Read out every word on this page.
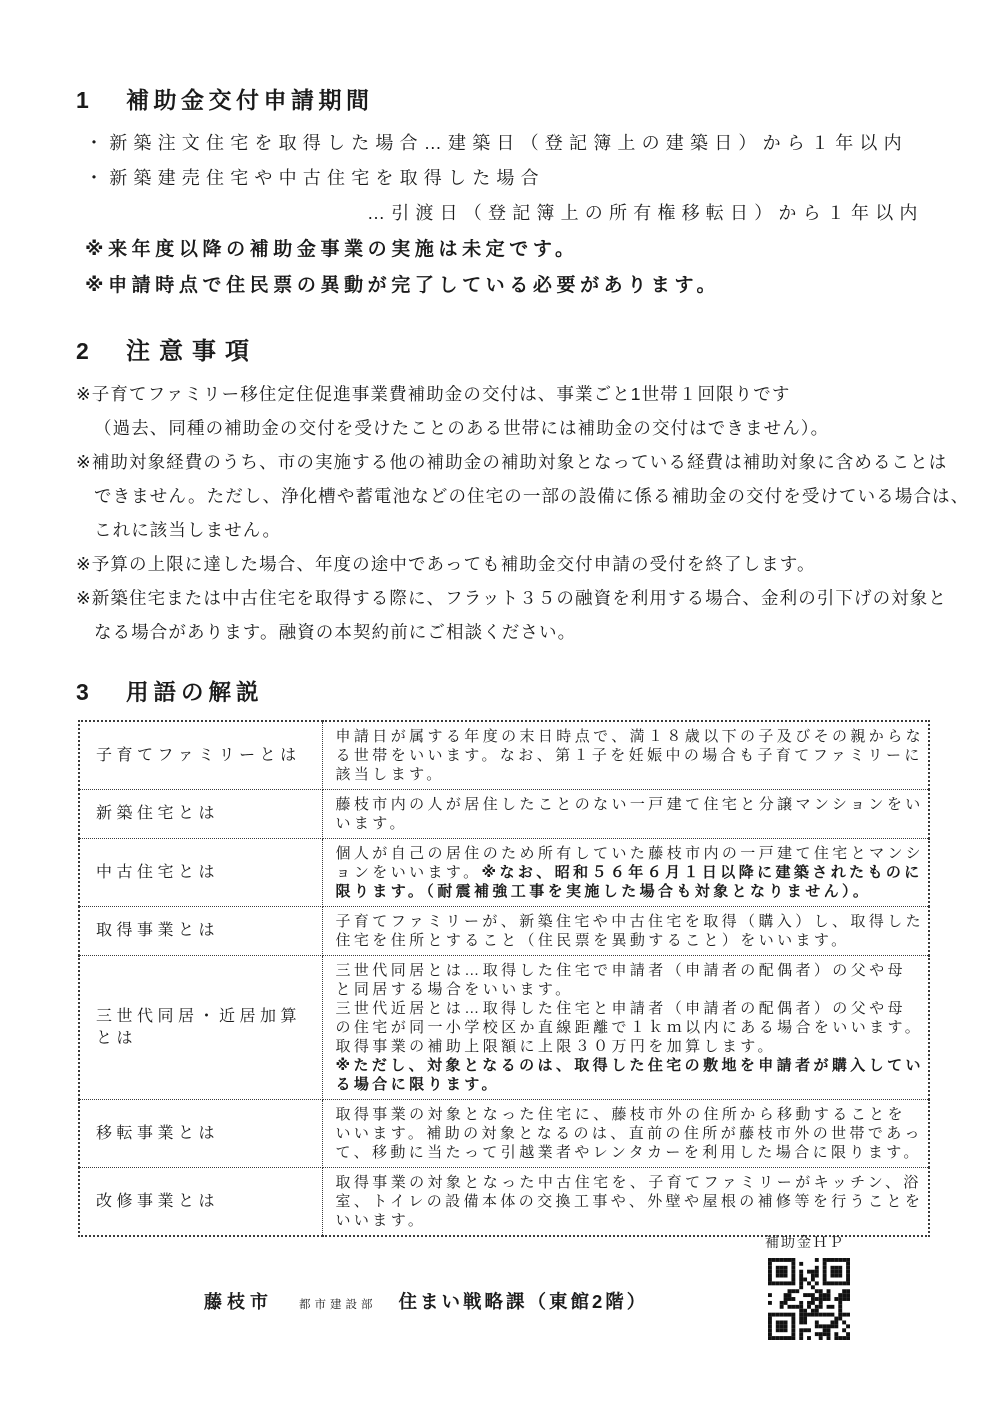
1	補助金交付申請期間
・新築注文住宅を取得した場合…建築日（登記簿上の建築日）から１年以内
・新築建売住宅や中古住宅を取得した場合
…引渡日（登記簿上の所有権移転日）から１年以内
※来年度以降の補助金事業の実施は未定です。
※申請時点で住民票の異動が完了している必要があります。
2	注意事項
※子育てファミリー移住定住促進事業費補助金の交付は、事業ごと1世帯１回限りです
（過去、同種の補助金の交付を受けたことのある世帯には補助金の交付はできません）。
※補助対象経費のうち、市の実施する他の補助金の補助対象となっている経費は補助対象に含めることは
できません。ただし、浄化槽や蓄電池などの住宅の一部の設備に係る補助金の交付を受けている場合は、
これに該当しません。
※予算の上限に達した場合、年度の途中であっても補助金交付申請の受付を終了します。
※新築住宅または中古住宅を取得する際に、フラット３５の融資を利用する場合、金利の引下げの対象と
なる場合があります。融資の本契約前にご相談ください。
3	用語の解説
子育てファミリーとは	申請日が属する年度の末日時点で、満１８歳以下の子及びその親からなる世帯をいいます。なお、第１子を妊娠中の場合も子育てファミリーに該当します。
新築住宅とは	藤枝市内の人が居住したことのない一戸建て住宅と分譲マンションをいいます。
中古住宅とは	個人が自己の居住のため所有していた藤枝市内の一戸建て住宅とマンションをいいます。※なお、昭和５６年６月１日以降に建築されたものに限ります。（耐震補強工事を実施した場合も対象となりません）。
取得事業とは	子育てファミリーが、新築住宅や中古住宅を取得（購入）し、取得した住宅を住所とすること（住民票を異動すること）をいいます。
三世代同居・近居加算とは	三世代同居とは…取得した住宅で申請者（申請者の配偶者）の父や母と同居する場合をいいます。
三世代近居とは…取得した住宅と申請者（申請者の配偶者）の父や母の住宅が同一小学校区か直線距離で１ｋｍ以内にある場合をいいます。
取得事業の補助上限額に上限３０万円を加算します。
※ただし、対象となるのは、取得した住宅の敷地を申請者が購入している場合に限ります。

移転事業とは	取得事業の対象となった住宅に、藤枝市外の住所から移動することをいいます。補助の対象となるのは、直前の住所が藤枝市外の世帯であって、移動に当たって引越業者やレンタカーを利用した場合に限ります。
改修事業とは	取得事業の対象となった中古住宅を、子育てファミリーがキッチン、浴室、トイレの設備本体の交換工事や、外壁や屋根の補修等を行うことをいいます。
補助金ＨＰ
藤枝市 都市建設部 住まい戦略課（東館2階）
